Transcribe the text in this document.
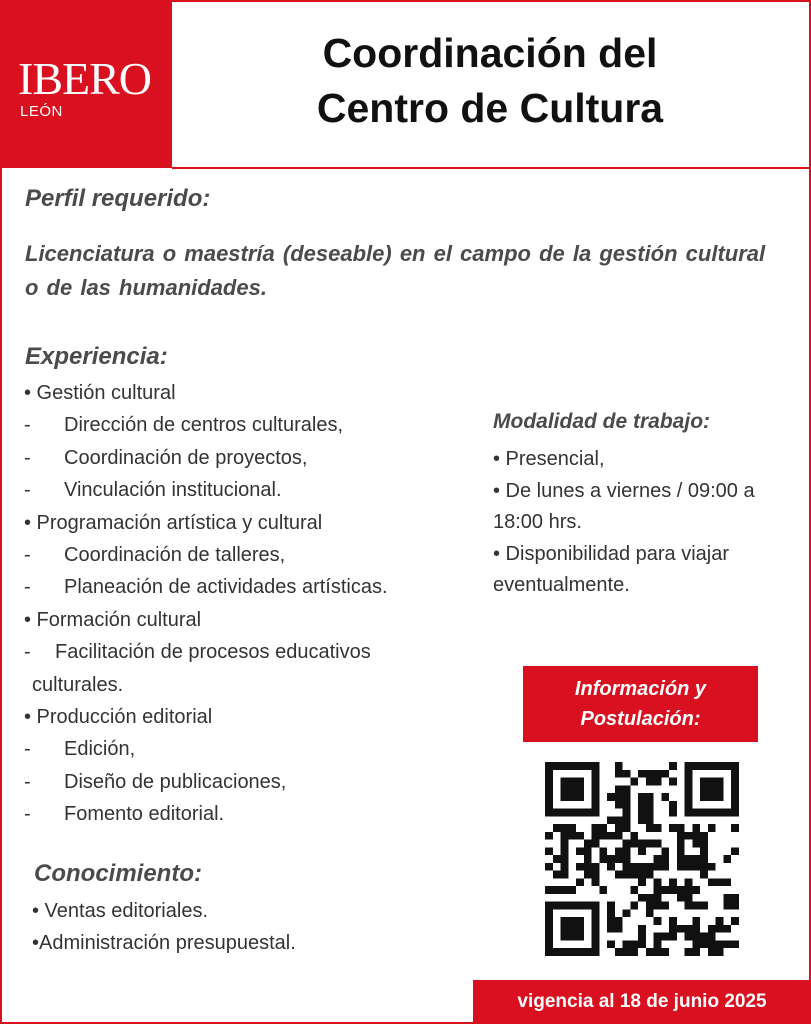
IBERO
LEÓN
Coordinación del
Centro de Cultura
Perfil requerido:
Licenciatura o maestría (deseable) en el campo de la gestión cultural o de las humanidades.
Experiencia:
• Gestión cultural
- Dirección de centros culturales,
- Coordinación de proyectos,
- Vinculación institucional.
• Programación artística y cultural
- Coordinación de talleres,
- Planeación de actividades artísticas.
• Formación cultural
- Facilitación de procesos educativos
culturales.
• Producción editorial
- Edición,
- Diseño de publicaciones,
- Fomento editorial.
Conocimiento:
• Ventas editoriales.
•Administración presupuestal.
Modalidad de trabajo:
• Presencial,
• De lunes a viernes / 09:00 a 18:00 hrs.
• Disponibilidad para viajar eventualmente.
Información y
Postulación:
vigencia al 18 de junio 2025
